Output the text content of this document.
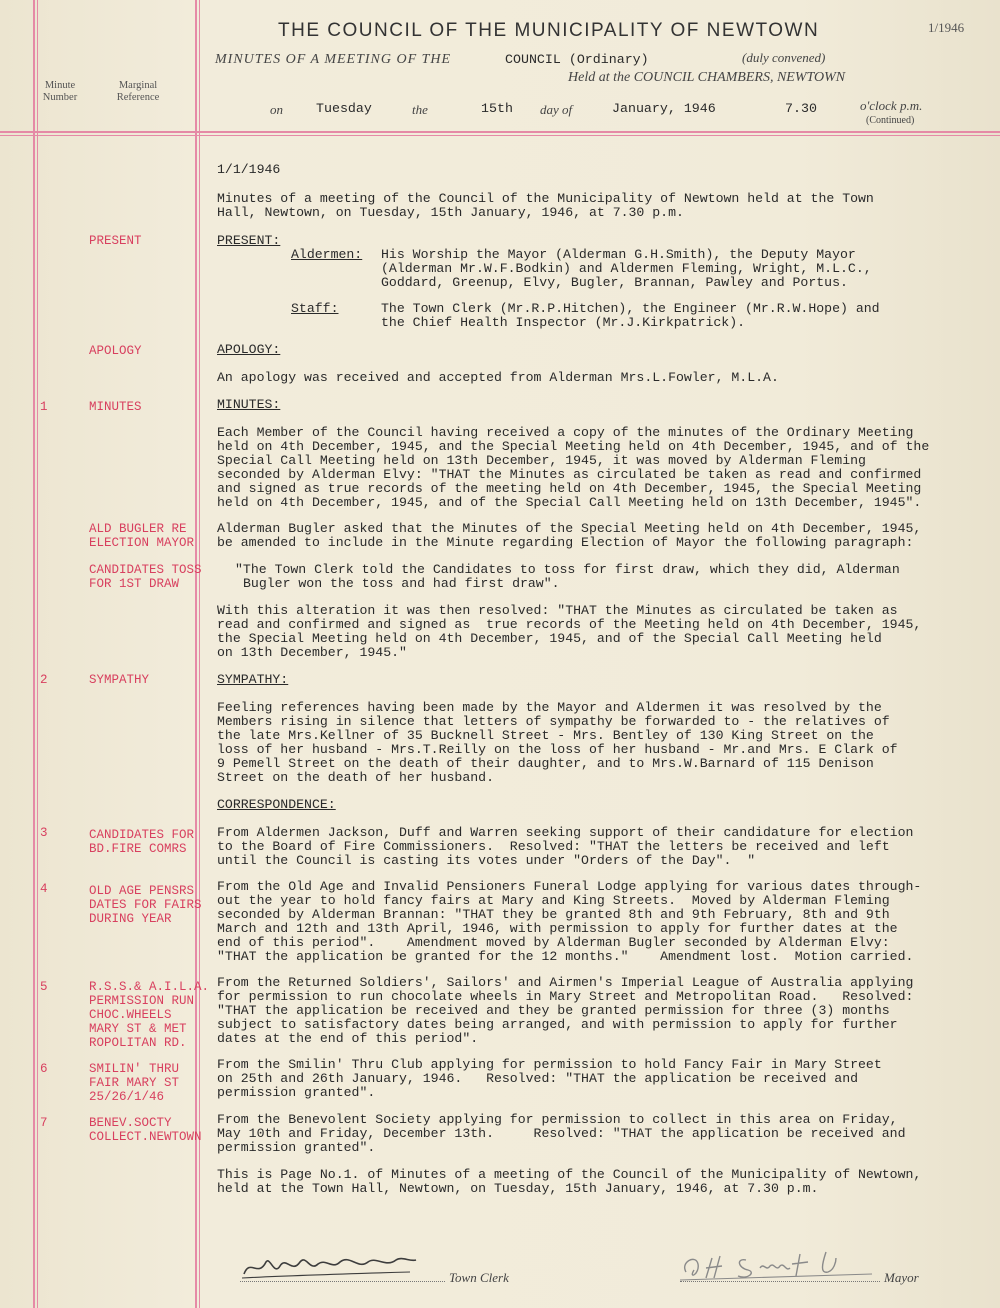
THE COUNCIL OF THE MUNICIPALITY OF NEWTOWN	1/1946
MINUTES OF A MEETING OF THE	COUNCIL (Ordinary)	(duly convened)
Held at the COUNCIL CHAMBERS, NEWTOWN
Minute Number
Marginal Reference
on Tuesday	the	15th day of	January, 1946	7.30	o'clock p.m.
(Continued)
1/1/1946
Minutes of a meeting of the Council of the Municipality of Newtown held at the Town
Hall, Newtown, on Tuesday, 15th January, 1946, at 7.30 p.m.
PRESENT	PRESENT:
Aldermen: His Worship the Mayor (Alderman G.H.Smith), the Deputy Mayor
(Alderman Mr.W.F.Bodkin) and Aldermen Fleming, Wright, M.L.C.,
Goddard, Greenup, Elvy, Bugler, Brannan, Pawley and Portus.
Staff:	The Town Clerk (Mr.R.P.Hitchen), the Engineer (Mr.R.W.Hope) and
the Chief Health Inspector (Mr.J.Kirkpatrick).
APOLOGY	APOLOGY:
An apology was received and accepted from Alderman Mrs.L.Fowler, M.L.A.
1	MINUTES	MINUTES:
Each Member of the Council having received a copy of the minutes of the Ordinary Meeting
held on 4th December, 1945, and the Special Meeting held on 4th December, 1945, and of the
Special Call Meeting held on 13th December, 1945, it was moved by Alderman Fleming
seconded by Alderman Elvy: "THAT the Minutes as circulated be taken as read and confirmed
and signed as true records of the meeting held on 4th December, 1945, the Special Meeting
held on 4th December, 1945, and of the Special Call Meeting held on 13th December, 1945".
ALD BUGLER RE
ELECTION MAYOR
Alderman Bugler asked that the Minutes of the Special Meeting held on 4th December, 1945,
be amended to include in the Minute regarding Election of Mayor the following paragraph:
CANDIDATES TOSS
FOR 1ST DRAW
"The Town Clerk told the Candidates to toss for first draw, which they did, Alderman
Bugler won the toss and had first draw".
With this alteration it was then resolved: "THAT the Minutes as circulated be taken as
read and confirmed and signed as  true records of the Meeting held on 4th December, 1945,
the Special Meeting held on 4th December, 1945, and of the Special Call Meeting held
on 13th December, 1945."
2	SYMPATHY	SYMPATHY:
Feeling references having been made by the Mayor and Aldermen it was resolved by the
Members rising in silence that letters of sympathy be forwarded to - the relatives of
the late Mrs.Kellner of 35 Bucknell Street - Mrs. Bentley of 130 King Street on the
loss of her husband - Mrs.T.Reilly on the loss of her husband - Mr.and Mrs. E Clark of
9 Pemell Street on the death of their daughter, and to Mrs.W.Barnard of 115 Denison
Street on the death of her husband.
CORRESPONDENCE:
3	CANDIDATES FOR
BD.FIRE COMRS
From Aldermen Jackson, Duff and Warren seeking support of their candidature for election
to the Board of Fire Commissioners.  Resolved: "THAT the letters be received and left
until the Council is casting its votes under "Orders of the Day".  "
4	OLD AGE PENSRS
DATES FOR FAIRS
DURING YEAR
From the Old Age and Invalid Pensioners Funeral Lodge applying for various dates through-
out the year to hold fancy fairs at Mary and King Streets.  Moved by Alderman Fleming
seconded by Alderman Brannan: "THAT they be granted 8th and 9th February, 8th and 9th
March and 12th and 13th April, 1946, with permission to apply for further dates at the
end of this period".    Amendment moved by Alderman Bugler seconded by Alderman Elvy:
"THAT the application be granted for the 12 months."    Amendment lost.  Motion carried.
5	R.S.S.& A.I.L.A.
PERMISSION RUN
CHOC.WHEELS
MARY ST & MET
ROPOLITAN RD.
From the Returned Soldiers', Sailors' and Airmen's Imperial League of Australia applying
for permission to run chocolate wheels in Mary Street and Metropolitan Road.   Resolved:
"THAT the application be received and they be granted permission for three (3) months
subject to satisfactory dates being arranged, and with permission to apply for further
dates at the end of this period".
6	SMILIN' THRU
FAIR MARY ST
25/26/1/46
From the Smilin' Thru Club applying for permission to hold Fancy Fair in Mary Street
on 25th and 26th January, 1946.   Resolved: "THAT the application be received and
permission granted".
7	BENEV.SOCTY
COLLECT.NEWTOWN
From the Benevolent Society applying for permission to collect in this area on Friday,
May 10th and Friday, December 13th.     Resolved: "THAT the application be received and
permission granted".
This is Page No.1. of Minutes of a meeting of the Council of the Municipality of Newtown,
held at the Town Hall, Newtown, on Tuesday, 15th January, 1946, at 7.30 p.m.
Town Clerk	Mayor
